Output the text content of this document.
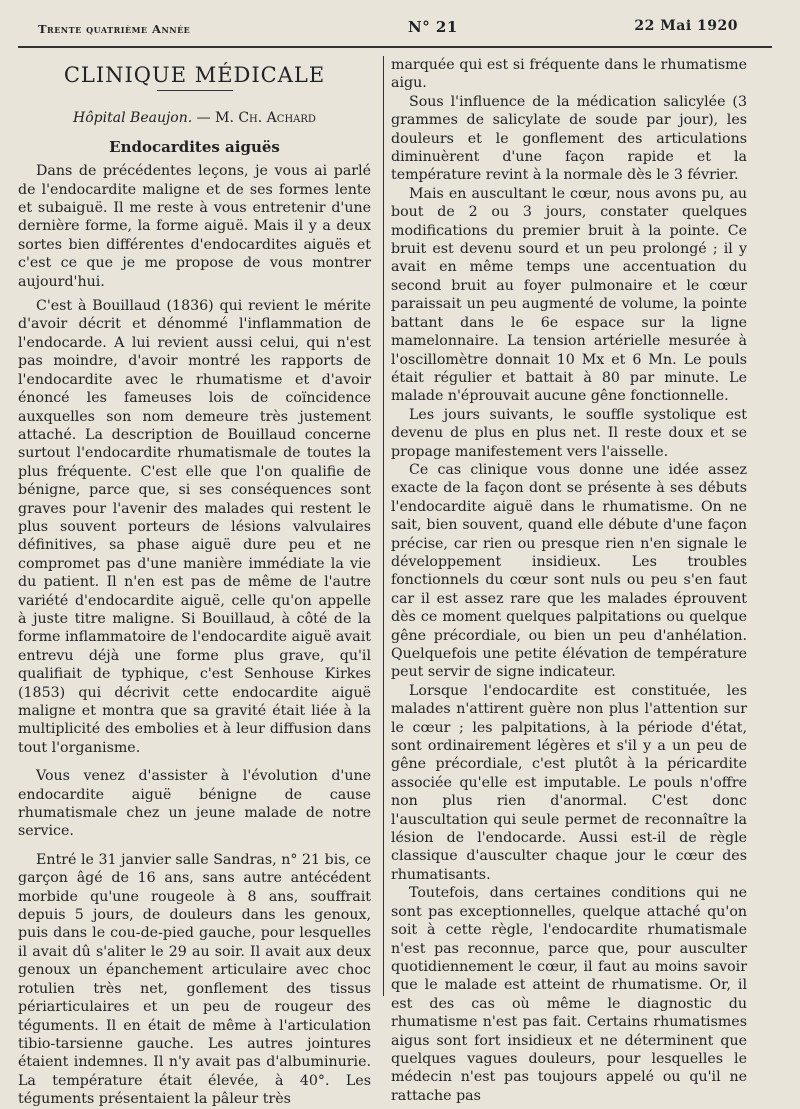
Trente quatrième Année	N° 21	22 Mai 1920
CLINIQUE MÉDICALE
Hôpital Beaujon. — M. Ch. Achard
Endocardites aiguës

Dans de précédentes leçons, je vous ai parlé de l'endocardite maligne et de ses formes lente et subaiguë. Il me reste à vous entretenir d'une dernière forme, la forme aiguë. Mais il y a deux sortes bien différentes d'endocardites aiguës et c'est ce que je me propose de vous montrer aujourd'hui.

C'est à Bouillaud (1836) qui revient le mérite d'avoir décrit et dénommé l'inflammation de l'endocarde. A lui revient aussi celui, qui n'est pas moindre, d'avoir montré les rapports de l'endocardite avec le rhumatisme et d'avoir énoncé les fameuses lois de coïncidence auxquelles son nom demeure très justement attaché. La description de Bouillaud concerne surtout l'endocardite rhumatismale de toutes la plus fréquente. C'est elle que l'on qualifie de bénigne, parce que, si ses conséquences sont graves pour l'avenir des malades qui restent le plus souvent porteurs de lésions valvulaires définitives, sa phase aiguë dure peu et ne compromet pas d'une manière immédiate la vie du patient. Il n'en est pas de même de l'autre variété d'endocardite aiguë, celle qu'on appelle à juste titre maligne. Si Bouillaud, à côté de la forme inflammatoire de l'endocardite aiguë avait entrevu déjà une forme plus grave, qu'il qualifiait de typhique, c'est Senhouse Kirkes (1853) qui décrivit cette endocardite aiguë maligne et montra que sa gravité était liée à la multiplicité des embolies et à leur diffusion dans tout l'organisme.

Vous venez d'assister à l'évolution d'une endocardite aiguë bénigne de cause rhumatismale chez un jeune malade de notre service.

Entré le 31 janvier salle Sandras, n° 21 bis, ce garçon âgé de 16 ans, sans autre antécédent morbide qu'une rougeole à 8 ans, souffrait depuis 5 jours, de douleurs dans les genoux, puis dans le cou-de-pied gauche, pour lesquelles il avait dû s'aliter le 29 au soir. Il avait aux deux genoux un épanchement articulaire avec choc rotulien très net, gonflement des tissus périarticulaires et un peu de rougeur des téguments. Il en était de même à l'articulation tibio-tarsienne gauche. Les autres jointures étaient indemnes. Il n'y avait pas d'albuminurie. La température était élevée, à 40°. Les téguments présentaient la pâleur très

marquée qui est si fréquente dans le rhumatisme aigu.

Sous l'influence de la médication salicylée (3 grammes de salicylate de soude par jour), les douleurs et le gonflement des articulations diminuèrent d'une façon rapide et la température revint à la normale dès le 3 février.

Mais en auscultant le cœur, nous avons pu, au bout de 2 ou 3 jours, constater quelques modifications du premier bruit à la pointe. Ce bruit est devenu sourd et un peu prolongé ; il y avait en même temps une accentuation du second bruit au foyer pulmonaire et le cœur paraissait un peu augmenté de volume, la pointe battant dans le 6e espace sur la ligne mamelonnaire. La tension artérielle mesurée à l'oscillomètre donnait 10 Mx et 6 Mn. Le pouls était régulier et battait à 80 par minute. Le malade n'éprouvait aucune gêne fonctionnelle.

Les jours suivants, le souffle systolique est devenu de plus en plus net. Il reste doux et se propage manifestement vers l'aisselle.

Ce cas clinique vous donne une idée assez exacte de la façon dont se présente à ses débuts l'endocardite aiguë dans le rhumatisme. On ne sait, bien souvent, quand elle débute d'une façon précise, car rien ou presque rien n'en signale le développement insidieux. Les troubles fonctionnels du cœur sont nuls ou peu s'en faut car il est assez rare que les malades éprouvent dès ce moment quelques palpitations ou quelque gêne précordiale, ou bien un peu d'anhélation. Quelquefois une petite élévation de température peut servir de signe indicateur.

Lorsque l'endocardite est constituée, les malades n'attirent guère non plus l'attention sur le cœur ; les palpitations, à la période d'état, sont ordinairement légères et s'il y a un peu de gêne précordiale, c'est plutôt à la péricardite associée qu'elle est imputable. Le pouls n'offre non plus rien d'anormal. C'est donc l'auscultation qui seule permet de reconnaître la lésion de l'endocarde. Aussi est-il de règle classique d'ausculter chaque jour le cœur des rhumatisants.

Toutefois, dans certaines conditions qui ne sont pas exceptionnelles, quelque attaché qu'on soit à cette règle, l'endocardite rhumatismale n'est pas reconnue, parce que, pour ausculter quotidiennement le cœur, il faut au moins savoir que le malade est atteint de rhumatisme. Or, il est des cas où même le diagnostic du rhumatisme n'est pas fait. Certains rhumatismes aigus sont fort insidieux et ne déterminent que quelques vagues douleurs, pour lesquelles le médecin n'est pas toujours appelé ou qu'il ne rattache pas
